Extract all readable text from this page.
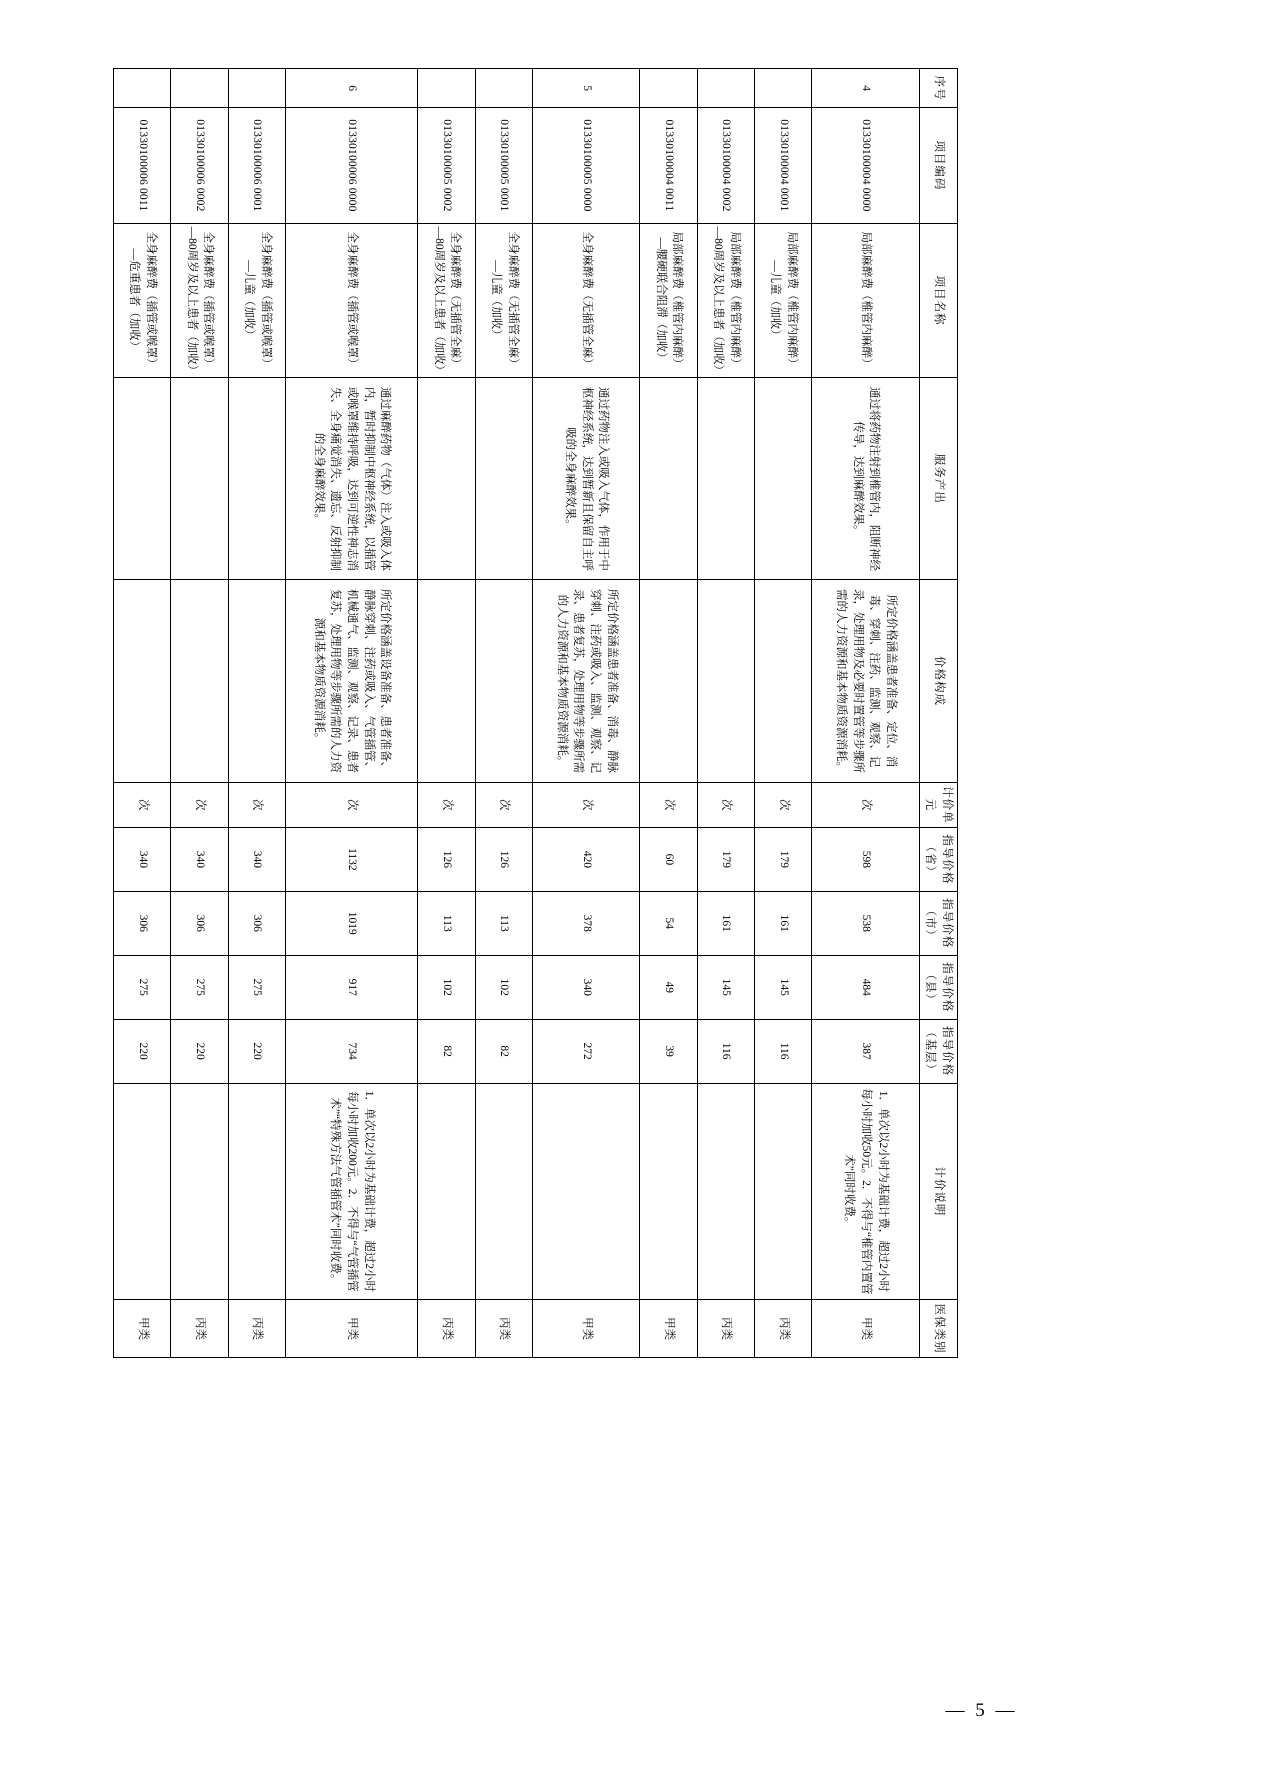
序号	项目编码	项目名称	服务产出	价格构成	计价单元	指导价格（省）	指导价格（市）	指导价格（县）	指导价格（基层）	计价说明	医保类别
4	01330100004 0000	局部麻醉费（椎管内麻醉）	通过将药物注射到椎管内，阻断神经传导，达到麻醉效果。	所定价格涵盖患者准备、定位、消毒、穿刺、注药、监测、观察、记录，处理用物及必要时置管等步骤所需的人力资源和基本物质资源消耗。	次	598	538	484	387	1．单次以2小时为基础计费，超过2小时每小时加收50元。2．不得与“椎管内置管术”同时收费。	甲类
	01330100004 0001	局部麻醉费（椎管内麻醉）—儿童（加收）			次	179	161	145	116		丙类
	01330100004 0002	局部麻醉费（椎管内麻醉）—80周岁及以上患者（加收）			次	179	161	145	116		丙类
	01330100004 0011	局部麻醉费（椎管内麻醉）—腰硬联合阻滞（加收）			次	60	54	49	39		甲类
5	01330100005 0000	全身麻醉费（无插管全麻）	通过药物注入或吸入气体，作用于中枢神经系统，达到暂新且保留自主呼吸的全身麻醉效果。	所定价格涵盖患者准备、消毒、静脉穿刺、注药或吸入、监测、观察、记录、患者复苏，处理用物等步骤所需的人力资源和基本物质资源消耗。	次	420	378	340	272		甲类
	01330100005 0001	全身麻醉费（无插管全麻）—儿童（加收）			次	126	113	102	82		丙类
	01330100005 0002	全身麻醉费（无插管全麻）—80周岁及以上患者（加收）			次	126	113	102	82		丙类
6	01330100006 0000	全身麻醉费（插管或喉罩）	通过麻醉药物（气体）注入或吸入体内，暂时抑制中枢神经系统，以插管或喉罩维持呼吸，达到可逆性神志消失、全身痛觉消失、遗忘、反射抑制的全身麻醉效果。	所定价格涵盖设备准备、患者准备、静脉穿刺、注药或吸入、气管插管、机械通气、监测、观察、记录、患者复苏，处理用物等步骤所需的人力资源和基本物质资源消耗。	次	1132	1019	917	734	1．单次以2小时为基础计费，超过2小时每小时加收200元。2．不得与“气管插管术”“特殊方法气管插管术”同时收费。	甲类
	01330100006 0001	全身麻醉费（插管或喉罩）—儿童（加收）			次	340	306	275	220		丙类
	01330100006 0002	全身麻醉费（插管或喉罩）—80周岁及以上患者（加收）			次	340	306	275	220		丙类
	01330100006 0011	全身麻醉费（插管或喉罩）—危重患者（加收）			次	340	306	275	220		甲类
— 5 —
